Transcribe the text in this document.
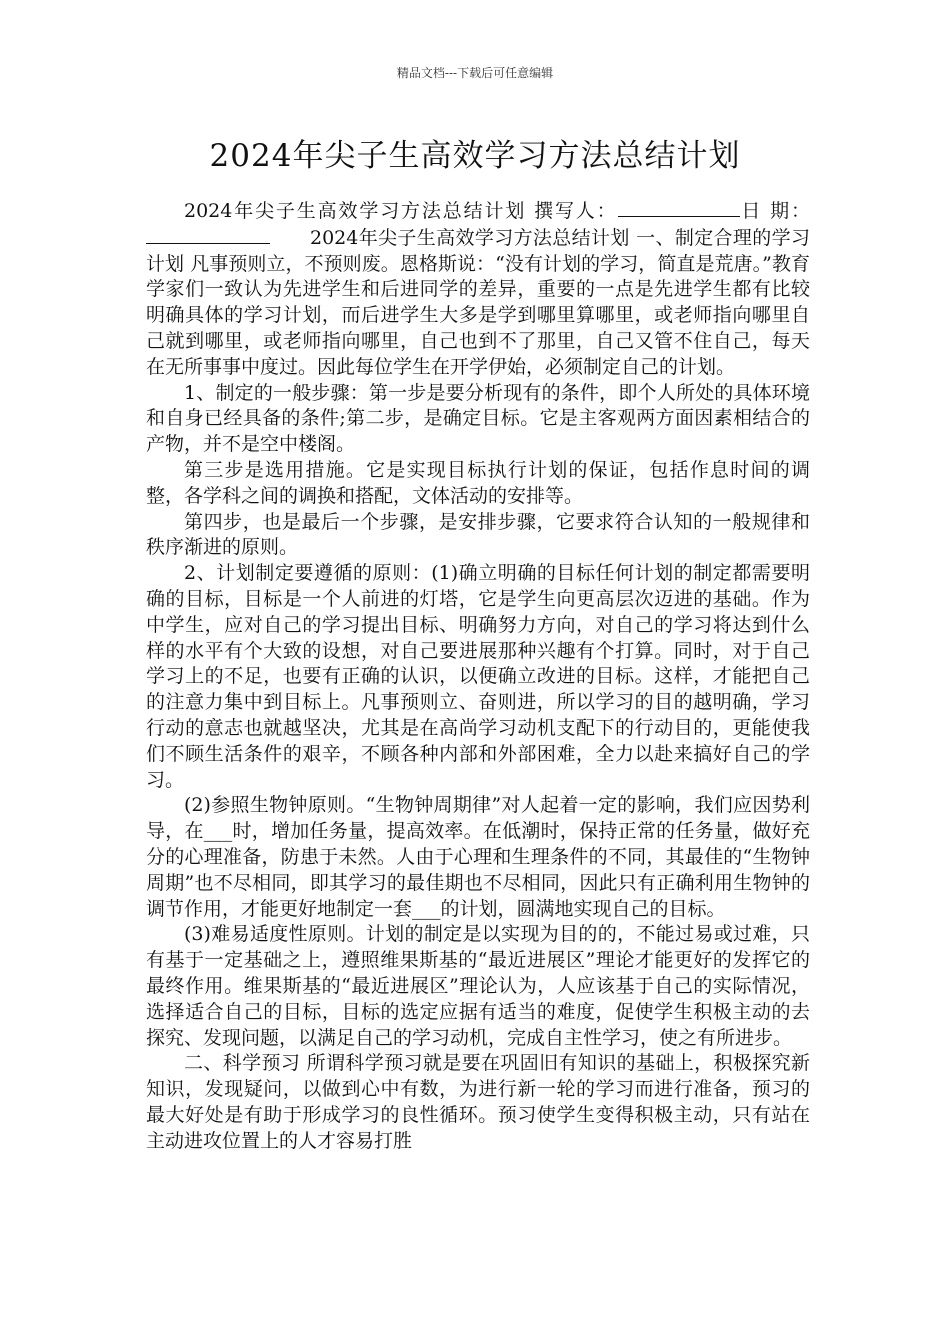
精品文档---下载后可任意编辑
2024年尖子生高效学习方法总结计划

2024年尖子生高效学习方法总结计划 撰写人：	日 期：2024年尖子生高效学习方法总结计划 一、制定合理的学习计划 凡事预则立，不预则废。恩格斯说：“没有计划的学习，简直是荒唐。”教育学家们一致认为先进学生和后进同学的差异，重要的一点是先进学生都有比较明确具体的学习计划，而后进学生大多是学到哪里算哪里，或老师指向哪里自己就到哪里，或老师指向哪里，自己也到不了那里，自己又管不住自己，每天在无所事事中度过。因此每位学生在开学伊始，必须制定自己的计划。

1、制定的一般步骤：第一步是要分析现有的条件，即个人所处的具体环境和自身已经具备的条件;第二步，是确定目标。它是主客观两方面因素相结合的产物，并不是空中楼阁。

第三步是选用措施。它是实现目标执行计划的保证，包括作息时间的调整，各学科之间的调换和搭配，文体活动的安排等。

第四步，也是最后一个步骤，是安排步骤，它要求符合认知的一般规律和秩序渐进的原则。

2、计划制定要遵循的原则：(1)确立明确的目标任何计划的制定都需要明确的目标，目标是一个人前进的灯塔，它是学生向更高层次迈进的基础。作为中学生，应对自己的学习提出目标、明确努力方向，对自己的学习将达到什么样的水平有个大致的设想，对自己要进展那种兴趣有个打算。同时，对于自己学习上的不足，也要有正确的认识，以便确立改进的目标。这样，才能把自己的注意力集中到目标上。凡事预则立、奋则进，所以学习的目的越明确，学习行动的意志也就越坚决，尤其是在高尚学习动机支配下的行动目的，更能使我们不顾生活条件的艰辛，不顾各种内部和外部困难，全力以赴来搞好自己的学习。

(2)参照生物钟原则。“生物钟周期律”对人起着一定的影响，我们应因势利导，在___时，增加任务量，提高效率。在低潮时，保持正常的任务量，做好充分的心理准备，防患于未然。人由于心理和生理条件的不同，其最佳的“生物钟周期”也不尽相同，即其学习的最佳期也不尽相同，因此只有正确利用生物钟的调节作用，才能更好地制定一套___的计划，圆满地实现自己的目标。

(3)难易适度性原则。计划的制定是以实现为目的的，不能过易或过难，只有基于一定基础之上，遵照维果斯基的“最近进展区”理论才能更好的发挥它的最终作用。维果斯基的“最近进展区”理论认为，人应该基于自己的实际情况，选择适合自己的目标，目标的选定应据有适当的难度，促使学生积极主动的去探究、发现问题，以满足自己的学习动机，完成自主性学习，使之有所进步。

二、科学预习 所谓科学预习就是要在巩固旧有知识的基础上，积极探究新知识，发现疑问，以做到心中有数，为进行新一轮的学习而进行准备，预习的最大好处是有助于形成学习的良性循环。预习使学生变得积极主动，只有站在主动进攻位置上的人才容易打胜
